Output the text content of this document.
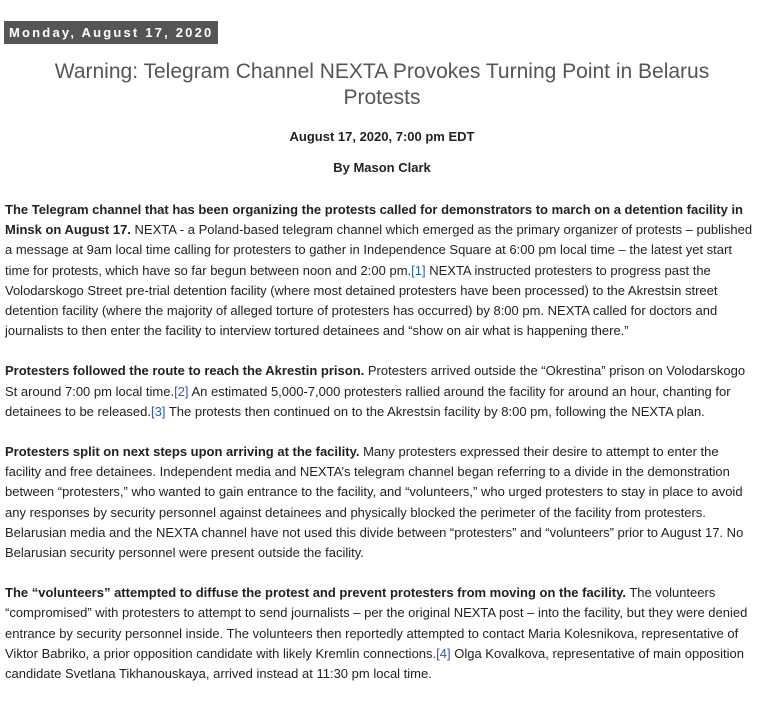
Monday, August 17, 2020
Warning: Telegram Channel NEXTA Provokes Turning Point in Belarus
Protests
August 17, 2020, 7:00 pm EDT
By Mason Clark

The Telegram channel that has been organizing the protests called for demonstrators to march on a detention facility in Minsk on August 17. NEXTA - a Poland-based telegram channel which emerged as the primary organizer of protests – published a message at 9am local time calling for protesters to gather in Independence Square at 6:00 pm local time – the latest yet start time for protests, which have so far begun between noon and 2:00 pm.[1] NEXTA instructed protesters to progress past the Volodarskogo Street pre-trial detention facility (where most detained protesters have been processed) to the Akrestsin street detention facility (where the majority of alleged torture of protesters has occurred) by 8:00 pm. NEXTA called for doctors and journalists to then enter the facility to interview tortured detainees and “show on air what is happening there.”

Protesters followed the route to reach the Akrestin prison. Protesters arrived outside the “Okrestina” prison on Volodarskogo St around 7:00 pm local time.[2] An estimated 5,000-7,000 protesters rallied around the facility for around an hour, chanting for detainees to be released.[3] The protests then continued on to the Akrestsin facility by 8:00 pm, following the NEXTA plan.

Protesters split on next steps upon arriving at the facility. Many protesters expressed their desire to attempt to enter the facility and free detainees. Independent media and NEXTA’s telegram channel began referring to a divide in the demonstration between “protesters,” who wanted to gain entrance to the facility, and “volunteers,” who urged protesters to stay in place to avoid any responses by security personnel against detainees and physically blocked the perimeter of the facility from protesters. Belarusian media and the NEXTA channel have not used this divide between “protesters” and “volunteers” prior to August 17. No Belarusian security personnel were present outside the facility.

The “volunteers” attempted to diffuse the protest and prevent protesters from moving on the facility. The volunteers “compromised” with protesters to attempt to send journalists – per the original NEXTA post – into the facility, but they were denied entrance by security personnel inside. The volunteers then reportedly attempted to contact Maria Kolesnikova, representative of Viktor Babriko, a prior opposition candidate with likely Kremlin connections.[4] Olga Kovalkova, representative of main opposition candidate Svetlana Tikhanouskaya, arrived instead at 11:30 pm local time.
